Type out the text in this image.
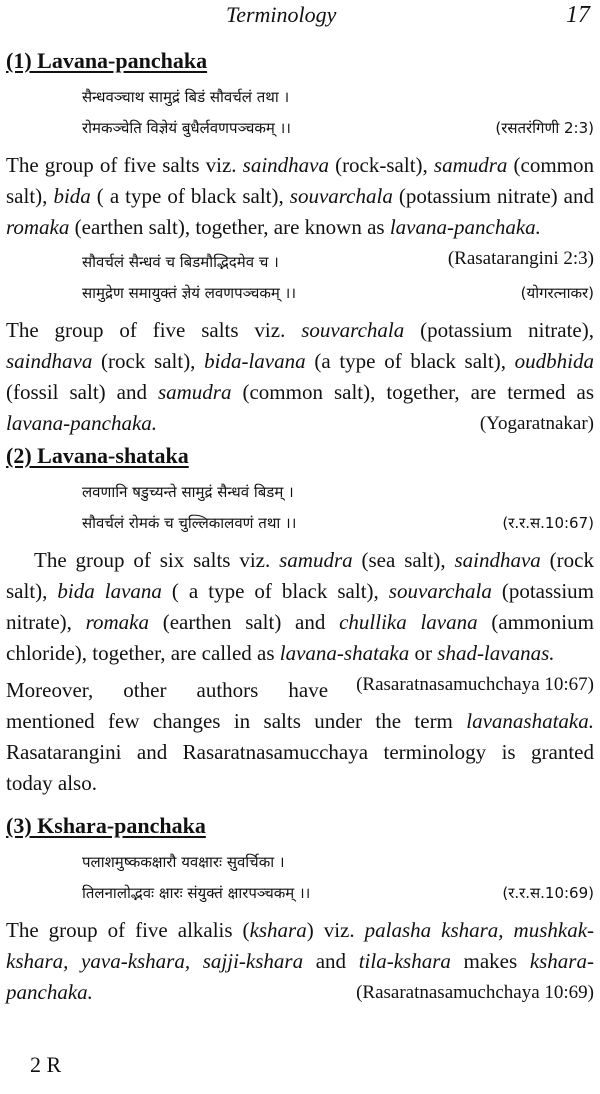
Terminology	17
(1) Lavana-panchaka
सैन्धवञ्चाथ सामुद्रं बिडं सौवर्चलं तथा ।
रोमकञ्चेति विज्ञेयं बुधैर्लवणपञ्चकम् ।।	(रसतरंगिणी 2:3)

The group of five salts viz. saindhava (rock-salt), samudra (common salt), bida ( a type of black salt), souvarchala (potassium nitrate) and romaka (earthen salt), together, are known as lavana-panchaka.
(Rasatarangini 2:3)

सौवर्चलं सैन्धवं च बिडमौद्भिदमेव च ।
सामुद्रेण समायुक्तं ज्ञेयं लवणपञ्चकम् ।।	(योगरत्नाकर)

The group of five salts viz. souvarchala (potassium nitrate), saindhava (rock salt), bida-lavana (a type of black salt), oudbhida (fossil salt) and samudra (common salt), together, are termed as lavana-panchaka.	(Yogaratnakar)

(2) Lavana-shataka
लवणानि षडुच्यन्ते सामुद्रं सैन्धवं बिडम् ।
सौवर्चलं रोमकं च चुल्लिकालवणं तथा ।।	(र.र.स.10:67)

The group of six salts viz. samudra (sea salt), saindhava (rock salt), bida lavana ( a type of black salt), souvarchala (potassium nitrate), romaka (earthen salt) and chullika lavana (ammonium chloride), together, are called as lavana-shataka or shad-lavanas.
(Rasaratnasamuchchaya 10:67)

Moreover, other authors have mentioned few changes in salts under the term lavanashataka. Rasatarangini and Rasaratnasamucchaya terminology is granted today also.

(3) Kshara-panchaka
पलाशमुष्ककक्षारौ यवक्षारः सुवर्चिका ।
तिलनालोद्भवः क्षारः संयुक्तं क्षारपञ्चकम् ।।	(र.र.स.10:69)

The group of five alkalis (kshara) viz. palasha kshara, mushkak-kshara, yava-kshara, sajji-kshara and tila-kshara makes kshara-panchaka.	(Rasaratnasamuchchaya 10:69)

2 R
